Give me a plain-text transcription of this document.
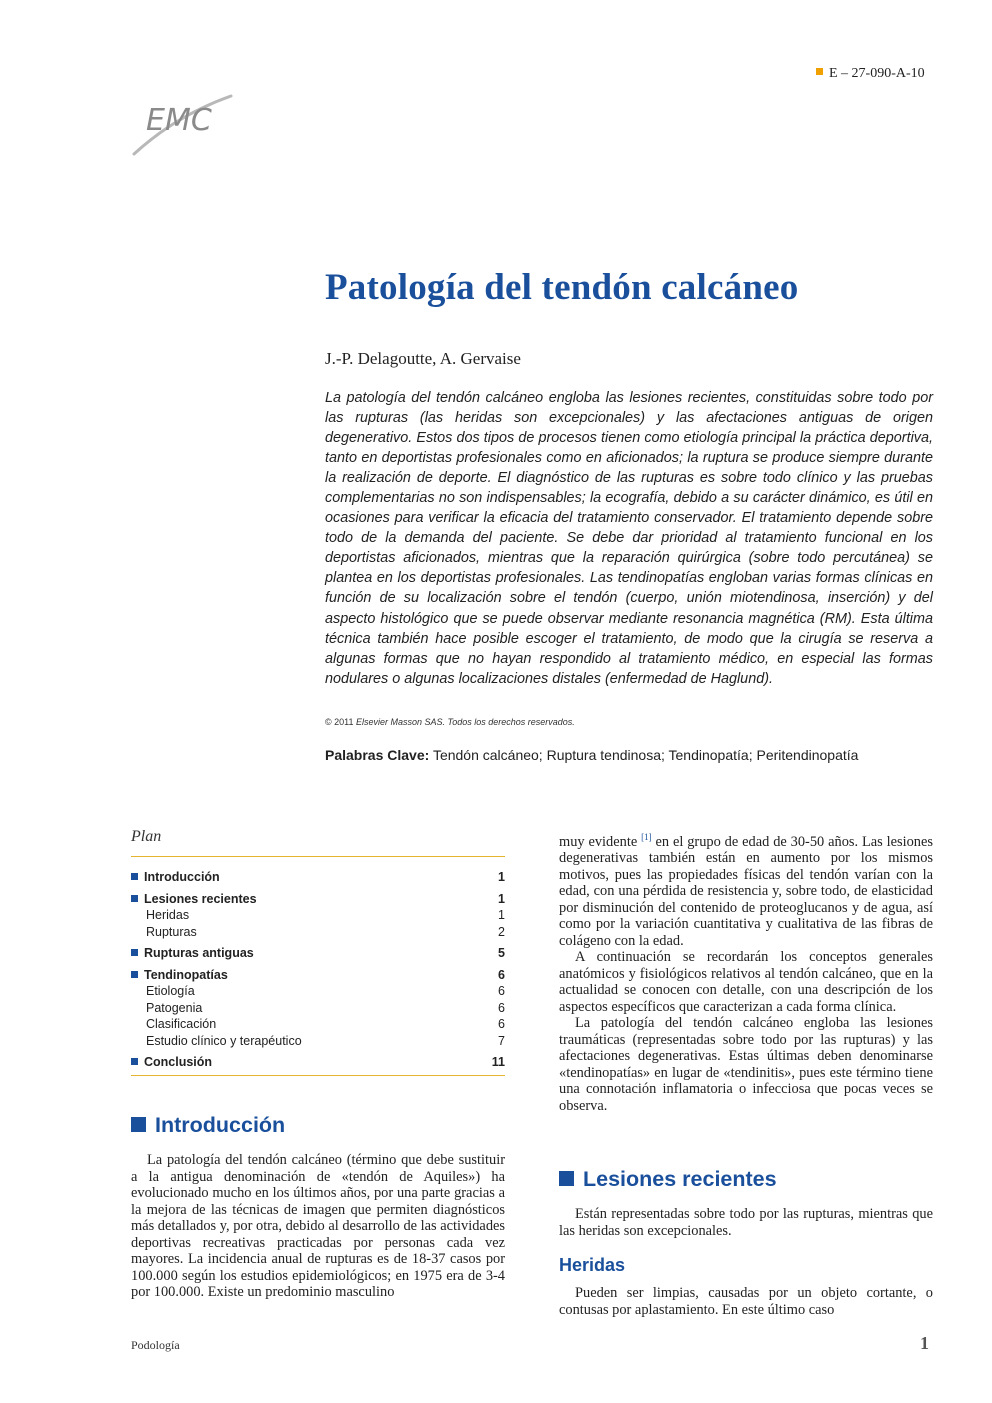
EMC
E – 27-090-A-10
Patología del tendón calcáneo
J.-P. Delagoutte, A. Gervaise

La patología del tendón calcáneo engloba las lesiones recientes, constituidas sobre todo por las rupturas (las heridas son excepcionales) y las afectaciones antiguas de origen degenerativo. Estos dos tipos de procesos tienen como etiología principal la práctica deportiva, tanto en deportistas profesionales como en aficionados; la ruptura se produce siempre durante la realización de deporte. El diagnóstico de las rupturas es sobre todo clínico y las pruebas complementarias no son indispensables; la ecografía, debido a su carácter dinámico, es útil en ocasiones para verificar la eficacia del tratamiento conservador. El tratamiento depende sobre todo de la demanda del paciente. Se debe dar prioridad al tratamiento funcional en los deportistas aficionados, mientras que la reparación quirúrgica (sobre todo percutánea) se plantea en los deportistas profesionales. Las tendinopatías engloban varias formas clínicas en función de su localización sobre el tendón (cuerpo, unión miotendinosa, inserción) y del aspecto histológico que se puede observar mediante resonancia magnética (RM). Esta última técnica también hace posible escoger el tratamiento, de modo que la cirugía se reserva a algunas formas que no hayan respondido al tratamiento médico, en especial las formas nodulares o algunas localizaciones distales (enfermedad de Haglund).

© 2011 Elsevier Masson SAS. Todos los derechos reservados.
Palabras Clave: Tendón calcáneo; Ruptura tendinosa; Tendinopatía; Peritendinopatía
Plan
Introducción	1
Lesiones recientes	1
Heridas	1
Rupturas	2
Rupturas antiguas	5
Tendinopatías	6
Etiología	6
Patogenia	6
Clasificación	6
Estudio clínico y terapéutico	7
Conclusión	11
Introducción

La patología del tendón calcáneo (término que debe sustituir a la antigua denominación de «tendón de Aquiles») ha evolucionado mucho en los últimos años, por una parte gracias a la mejora de las técnicas de imagen que permiten diagnósticos más detallados y, por otra, debido al desarrollo de las actividades deportivas recreativas practicadas por personas cada vez mayores. La incidencia anual de rupturas es de 18-37 casos por 100.000 según los estudios epidemiológicos; en 1975 era de 3-4 por 100.000. Existe un predominio masculino

muy evidente [1] en el grupo de edad de 30-50 años. Las lesiones degenerativas también están en aumento por los mismos motivos, pues las propiedades físicas del tendón varían con la edad, con una pérdida de resistencia y, sobre todo, de elasticidad por disminución del contenido de proteoglucanos y de agua, así como por la variación cuantitativa y cualitativa de las fibras de colágeno con la edad.

A continuación se recordarán los conceptos generales anatómicos y fisiológicos relativos al tendón calcáneo, que en la actualidad se conocen con detalle, con una descripción de los aspectos específicos que caracterizan a cada forma clínica.

La patología del tendón calcáneo engloba las lesiones traumáticas (representadas sobre todo por las rupturas) y las afectaciones degenerativas. Estas últimas deben denominarse «tendinopatías» en lugar de «tendinitis», pues este término tiene una connotación inflamatoria o infecciosa que pocas veces se observa.

Lesiones recientes

Están representadas sobre todo por las rupturas, mientras que las heridas son excepcionales.

Heridas

Pueden ser limpias, causadas por un objeto cortante, o contusas por aplastamiento. En este último caso

Podología	1
